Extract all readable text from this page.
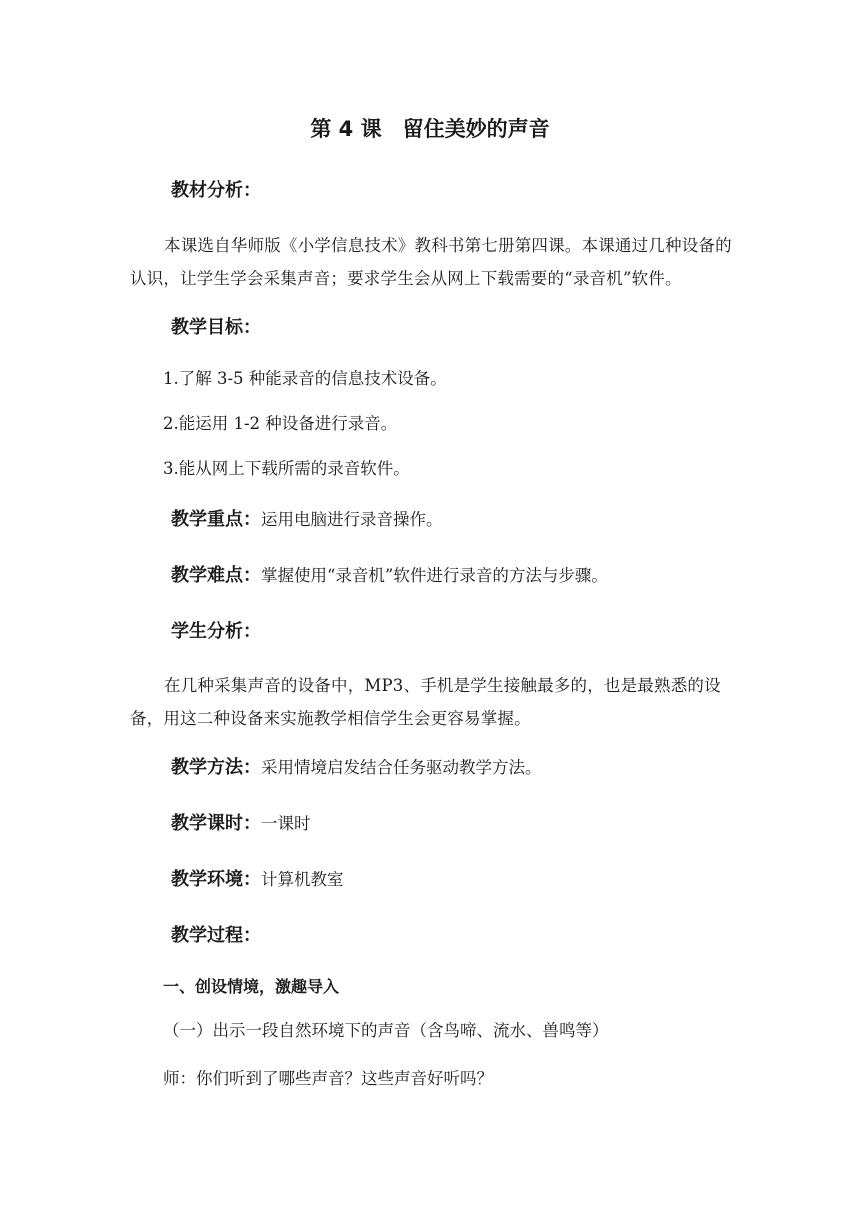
第 4 课　留住美妙的声音
教材分析：
本课选自华师版《小学信息技术》教科书第七册第四课。本课通过几种设备的认识，让学生学会采集声音；要求学生会从网上下载需要的“录音机”软件。
教学目标：
1.了解 3-5 种能录音的信息技术设备。
2.能运用 1-2 种设备进行录音。
3.能从网上下载所需的录音软件。
教学重点：运用电脑进行录音操作。
教学难点：掌握使用“录音机”软件进行录音的方法与步骤。
学生分析：
在几种采集声音的设备中，MP3、手机是学生接触最多的，也是最熟悉的设备，用这二种设备来实施教学相信学生会更容易掌握。
教学方法：采用情境启发结合任务驱动教学方法。
教学课时：一课时
教学环境：计算机教室
教学过程：
一、创设情境，激趣导入
（一）出示一段自然环境下的声音（含鸟啼、流水、兽鸣等）
师：你们听到了哪些声音？这些声音好听吗？
